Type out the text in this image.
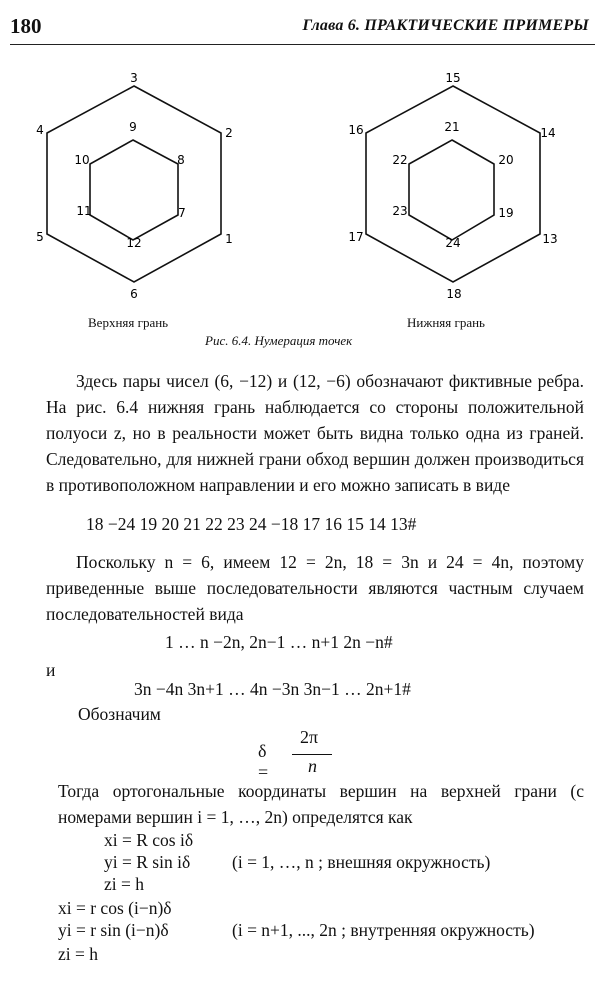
180	Глава 6. ПРАКТИЧЕСКИЕ ПРИМЕРЫ
3
2
1
6
5
4	9
8
7
12
11
10
15
14
13
18
17
16	21
20
19
24
23
22
Верхняя грань	Нижняя грань
Рис. 6.4. Нумерация точек
Здесь пары чисел (6, −12) и (12, −6) обозначают фиктивные ребра. На рис. 6.4 нижняя грань наблюдается со стороны положительной полуоси z, но в реальности может быть видна только одна из граней. Следовательно, для нижней грани обход вершин должен производиться в противоположном направлении и его можно записать в виде
18 −24 19 20 21 22 23 24 −18 17 16 15 14 13#
Поскольку n = 6, имеем 12 = 2n, 18 = 3n и 24 = 4n, поэтому приведенные выше последовательности являются частным случаем последовательностей вида
1 … n −2n, 2n−1 … n+1 2n −n#
и
3n −4n 3n+1 … 4n −3n 3n−1 … 2n+1#
Обозначим
δ =
2π
n
Тогда ортогональные координаты вершин на верхней грани (с номерами вершин i = 1, …, 2n) определятся как
xi = R cos iδ
yi = R sin iδ (i = 1, …, n ; внешняя окружность)
zi = h
xi = r cos (i−n)δ
yi = r sin (i−n)δ	(i = n+1, ..., 2n ; внутренняя окружность)
zi = h
